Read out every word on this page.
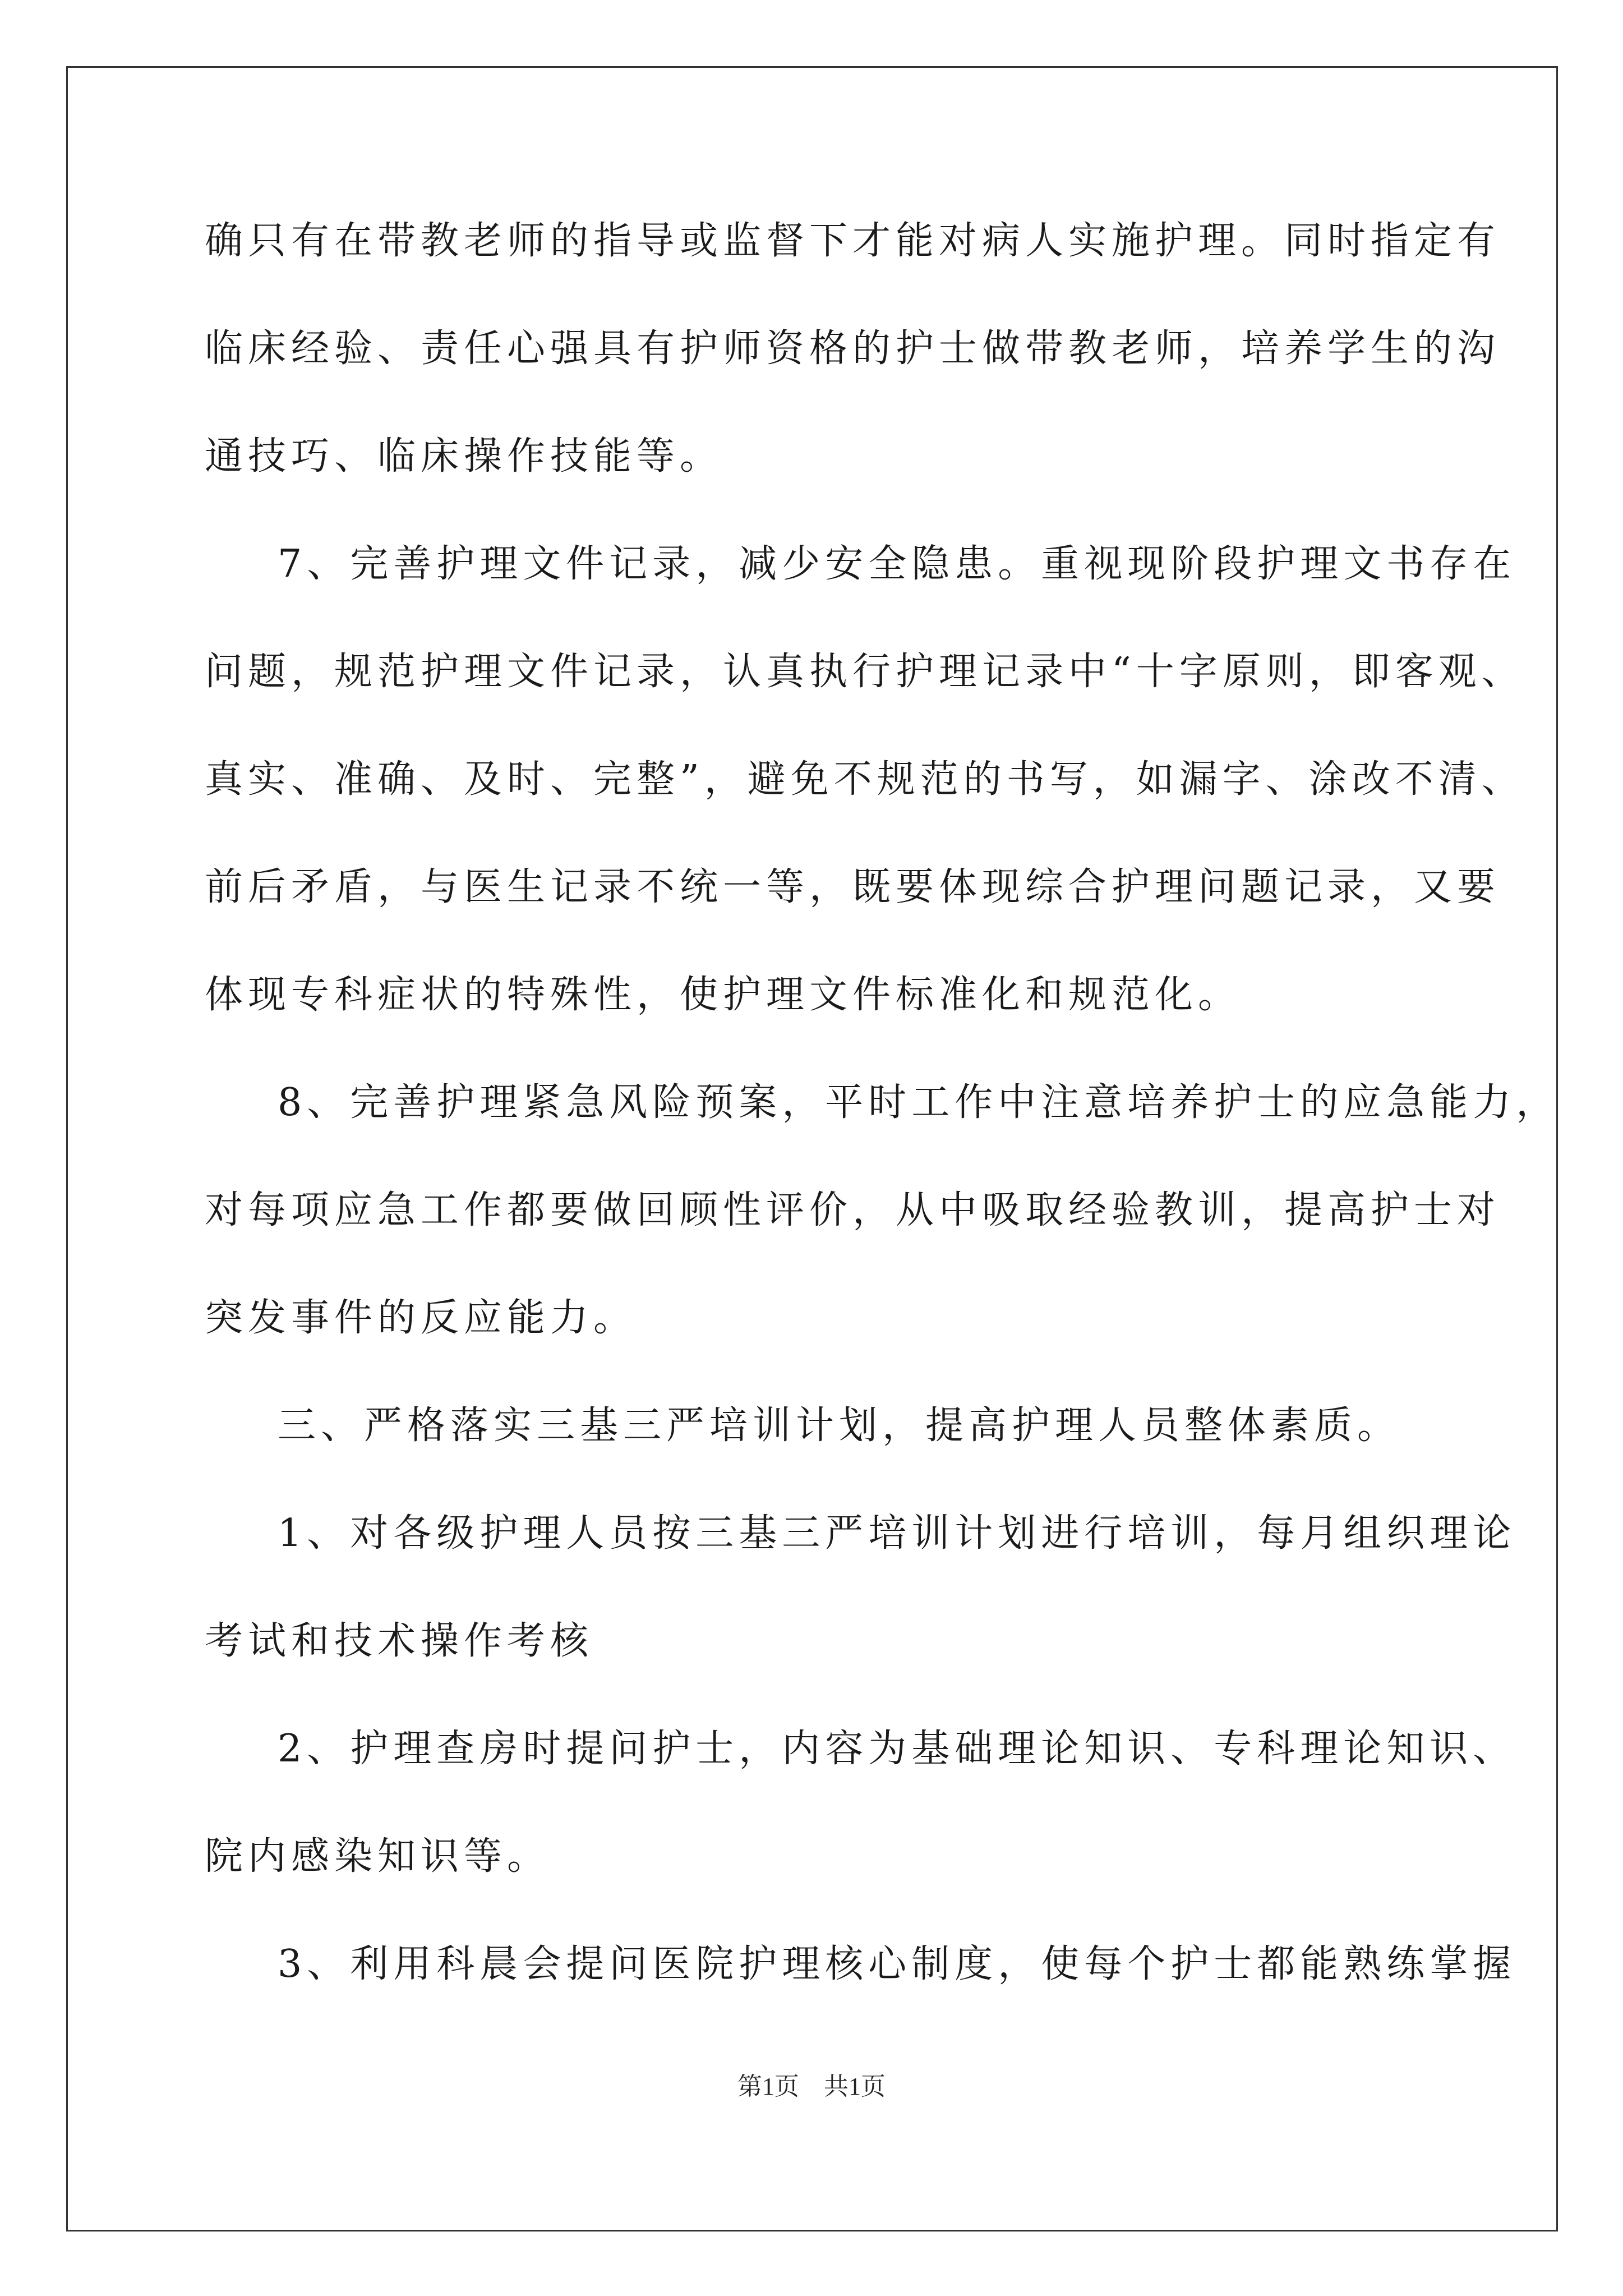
确只有在带教老师的指导或监督下才能对病人实施护理。同时指定有
临床经验、责任心强具有护师资格的护士做带教老师，培养学生的沟
通技巧、临床操作技能等。
7、完善护理文件记录，减少安全隐患。重视现阶段护理文书存在
问题，规范护理文件记录，认真执行护理记录中“十字原则，即客观、
真实、准确、及时、完整”，避免不规范的书写，如漏字、涂改不清、
前后矛盾，与医生记录不统一等，既要体现综合护理问题记录，又要
体现专科症状的特殊性，使护理文件标准化和规范化。
8、完善护理紧急风险预案，平时工作中注意培养护士的应急能力，
对每项应急工作都要做回顾性评价，从中吸取经验教训，提高护士对
突发事件的反应能力。
三、严格落实三基三严培训计划，提高护理人员整体素质。
1、对各级护理人员按三基三严培训计划进行培训，每月组织理论
考试和技术操作考核
2、护理查房时提问护士，内容为基础理论知识、专科理论知识、
院内感染知识等。
3、利用科晨会提问医院护理核心制度，使每个护士都能熟练掌握
第1页　共1页
